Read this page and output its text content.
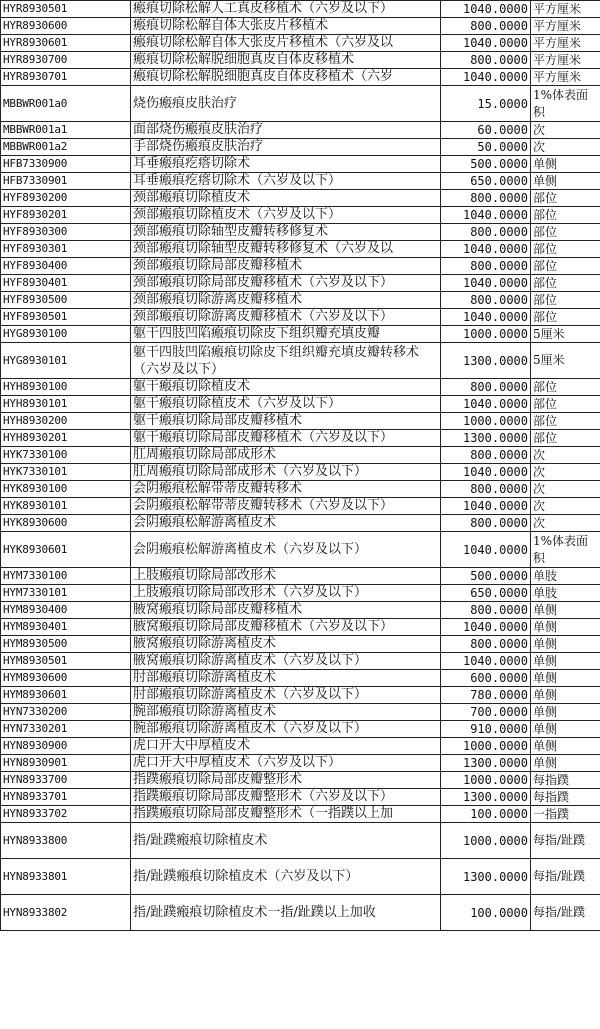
HYR8930501	瘢痕切除松解人工真皮移植术（六岁及以下）	1040.0000	平方厘米
HYR8930600	瘢痕切除松解自体大张皮片移植术	800.0000	平方厘米
HYR8930601	瘢痕切除松解自体大张皮片移植术（六岁及以	1040.0000	平方厘米
HYR8930700	瘢痕切除松解脱细胞真皮自体皮移植术	800.0000	平方厘米
HYR8930701	瘢痕切除松解脱细胞真皮自体皮移植术（六岁	1040.0000	平方厘米
MBBWR001a0	烧伤瘢痕皮肤治疗	15.0000	1%体表面积
MBBWR001a1	面部烧伤瘢痕皮肤治疗	60.0000	次
MBBWR001a2	手部烧伤瘢痕皮肤治疗	50.0000	次
HFB7330900	耳垂瘢痕疙瘩切除术	500.0000	单侧
HFB7330901	耳垂瘢痕疙瘩切除术（六岁及以下）	650.0000	单侧
HYF8930200	颈部瘢痕切除植皮术	800.0000	部位
HYF8930201	颈部瘢痕切除植皮术（六岁及以下）	1040.0000	部位
HYF8930300	颈部瘢痕切除轴型皮瓣转移修复术	800.0000	部位
HYF8930301	颈部瘢痕切除轴型皮瓣转移修复术（六岁及以	1040.0000	部位
HYF8930400	颈部瘢痕切除局部皮瓣移植术	800.0000	部位
HYF8930401	颈部瘢痕切除局部皮瓣移植术（六岁及以下）	1040.0000	部位
HYF8930500	颈部瘢痕切除游离皮瓣移植术	800.0000	部位
HYF8930501	颈部瘢痕切除游离皮瓣移植术（六岁及以下）	1040.0000	部位
HYG8930100	躯干四肢凹陷瘢痕切除皮下组织瓣充填皮瓣	1000.0000	5厘米
HYG8930101	躯干四肢凹陷瘢痕切除皮下组织瓣充填皮瓣转移术（六岁及以下）	1300.0000	5厘米
HYH8930100	躯干瘢痕切除植皮术	800.0000	部位
HYH8930101	躯干瘢痕切除植皮术（六岁及以下）	1040.0000	部位
HYH8930200	躯干瘢痕切除局部皮瓣移植术	1000.0000	部位
HYH8930201	躯干瘢痕切除局部皮瓣移植术（六岁及以下）	1300.0000	部位
HYK7330100	肛周瘢痕切除局部成形术	800.0000	次
HYK7330101	肛周瘢痕切除局部成形术（六岁及以下）	1040.0000	次
HYK8930100	会阴瘢痕松解带蒂皮瓣转移术	800.0000	次
HYK8930101	会阴瘢痕松解带蒂皮瓣转移术（六岁及以下）	1040.0000	次
HYK8930600	会阴瘢痕松解游离植皮术	800.0000	次
HYK8930601	会阴瘢痕松解游离植皮术（六岁及以下）	1040.0000	1%体表面积
HYM7330100	上肢瘢痕切除局部改形术	500.0000	单肢
HYM7330101	上肢瘢痕切除局部改形术（六岁及以下）	650.0000	单肢
HYM8930400	腋窝瘢痕切除局部皮瓣移植术	800.0000	单侧
HYM8930401	腋窝瘢痕切除局部皮瓣移植术（六岁及以下）	1040.0000	单侧
HYM8930500	腋窝瘢痕切除游离植皮术	800.0000	单侧
HYM8930501	腋窝瘢痕切除游离植皮术（六岁及以下）	1040.0000	单侧
HYM8930600	肘部瘢痕切除游离植皮术	600.0000	单侧
HYM8930601	肘部瘢痕切除游离植皮术（六岁及以下）	780.0000	单侧
HYN7330200	腕部瘢痕切除游离植皮术	700.0000	单侧
HYN7330201	腕部瘢痕切除游离植皮术（六岁及以下）	910.0000	单侧
HYN8930900	虎口开大中厚植皮术	1000.0000	单侧
HYN8930901	虎口开大中厚植皮术（六岁及以下）	1300.0000	单侧
HYN8933700	指蹼瘢痕切除局部皮瓣整形术	1000.0000	每指蹼
HYN8933701	指蹼瘢痕切除局部皮瓣整形术（六岁及以下）	1300.0000	每指蹼
HYN8933702	指蹼瘢痕切除局部皮瓣整形术（一指蹼以上加	100.0000	一指蹼
HYN8933800	指/趾蹼瘢痕切除植皮术	1000.0000	每指/趾蹼
HYN8933801	指/趾蹼瘢痕切除植皮术（六岁及以下）	1300.0000	每指/趾蹼
HYN8933802	指/趾蹼瘢痕切除植皮术一指/趾蹼以上加收	100.0000	每指/趾蹼
